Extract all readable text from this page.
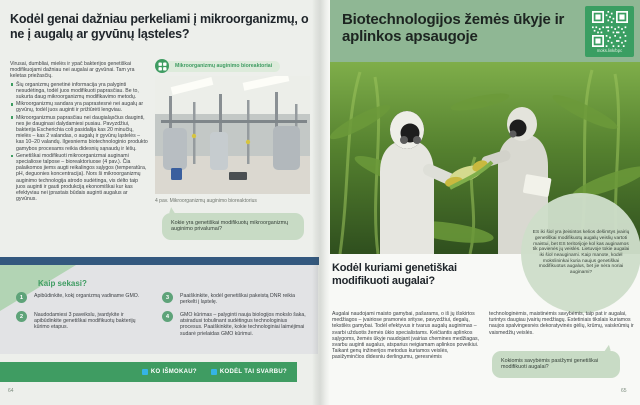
Kodėl genai dažniau perkeliami į mikroorganizmų, o ne į augalų ar gyvūnų ląsteles?

Virusai, dumbliai, mielės ir ypač bakterijos genetiškai modifikuojami dažniau nei augalai ar gyvūnai. Tam yra keletas priežasčių.

Šių organizmų genetinė informacija yra palyginti nesudėtinga, todėl juos modifikuoti paprasčiau. Be to, sukurta daug mikroorganizmų modifikavimo metodų.
Mikroorganizmų sandara yra paprastesnė nei augalų ar gyvūnų, todėl juos auginti ir prižiūrėti lengviau.
Mikroorganizmus paprasčiau nei daugialąsčius dauginti, nes jie dauginasi dalydamiesi pusiau. Pavyzdžiui, bakterija Escherichia coli pasidalija kas 20 minučių, mielės – kas 2 valandas, o augalų ir gyvūnų ląstelės – kas 10–20 valandų. Ilgesniems biotechnologinio produkto gamybos procesams reikia didesnių sąnaudų ir lėšų.
Genetiškai modifikuoti mikroorganizmai auginami specialiose talpose – bioreaktoriuose (4 pav.). Čia palaikomos jiems augti reikalingos sąlygos (temperatūra, pH, deguonies koncentracija). Nors ši mikroorganizmų auginimo technologija atrodo sudėtinga, vis dėlto taip juos auginti ir gauti produkciją ekonomiškai kur kas efektyviau nei įprastais būdais auginti augalus ar gyvūnus.
Mikroorganizmų auginimo bioreaktoriai
4 pav. Mikroorganizmų auginimo bioreaktorius
Kokie yra genetiškai modifikuotų mikroorganizmų auginimo privalumai?
Kaip sekasi?
1	Apibūdinkite, kokį organizmą vadiname GMO.
2	Naudodamiesi 3 paveikslu, įvardykite ir apibūdinkite genetiškai modifikuotų bakterijų kūrimo etapus.
3	Paaiškinkite, kodėl genetiškai pakeistą DNR reikia perkelti į ląstelę.
4	GMO kūrimas – palyginti nauja biologijos mokslo šaka, atsiradusi tobulinant sudėtingus technologinius procesus. Paaiškinkite, kokie technologiniai laimėjimai sudarė prielaidas GMO kūrimui.
KO IŠMOKAU?	KODĖL TAI SVARBU?
64
Biotechnologijos žemės ūkyje ir aplinkos apsaugoje
moks.link/bpc
ES iki šiol yra įteisintos kelios dešimtys įvairių genetiškai modifikuotų augalų veislių vartoti maistui, bet ES teritorijoje kol kas auginamos tik pavienės jų veislės. Lietuvoje tokie augalai iki šiol neauginami. Kaip manote, kodėl mokslininkai kuria naujus genetiškai modifikuotus augalus, bet jie nėra noriai auginami?
Kodėl kuriami genetiškai modifikuoti augalai?
Augalai naudojami maisto gamybai, pašarams, o iš jų išskirtos medžiagos – įvairiose pramonės srityse, pavyzdžiui, degalų, tekstilės gamybai. Todėl efektyvus ir tvarus augalų auginimas – svarbi užduotis žemės ūkio specialistams. Keičiantis aplinkos sąlygoms, žemės ūkyje naudojant įvairias chemines medžiagas, svarbu auginti augalus, atsparius neigiamam aplinkos poveikiui. Taikant genų inžinerijos metodus kuriamos veislės, pasižyminčios didesniu derlingumu, geresnėmis
technologinėmis, maistinėmis savybėmis, taip pat ir augalai, turintys daugiau įvairių medžiagų. Estetiniais tikslais kuriamos naujos spalvingesnės dekoratyvinės gėlių, krūmų, vaiskrūmių ir vaismedžių veislės.
Kokiomis savybėmis pasižymi genetiškai modifikuoti augalai?
65
